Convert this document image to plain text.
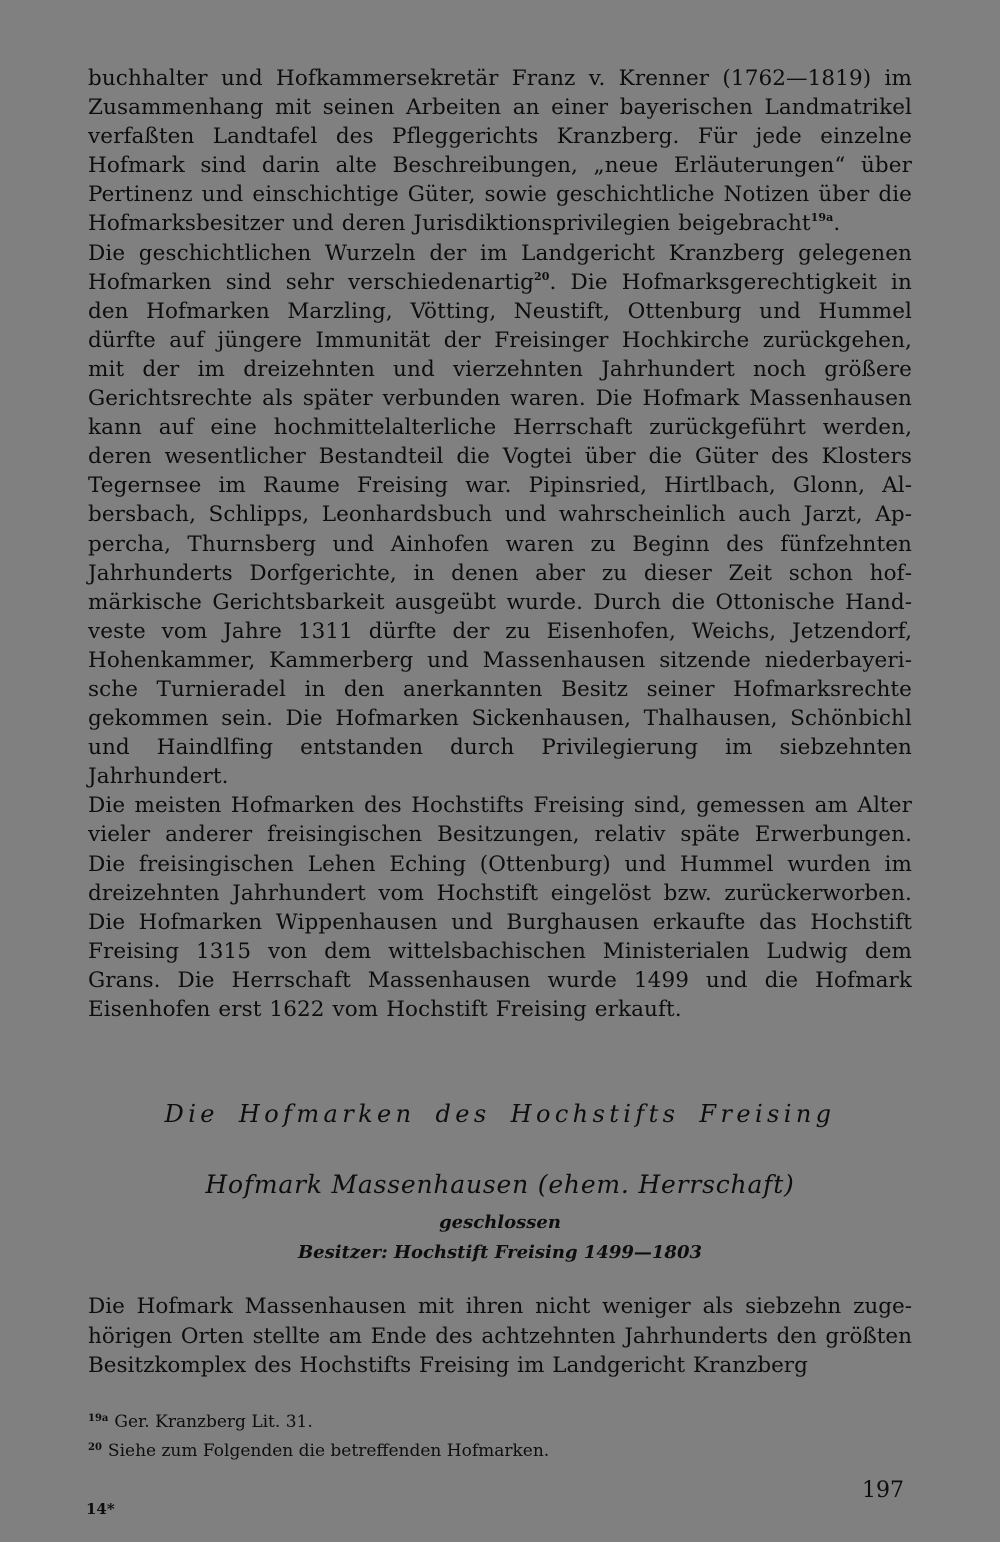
buchhalter und Hofkammersekretär Franz v. Krenner (1762—1819) im Zusammenhang mit seinen Arbeiten an einer bayerischen Landmatrikel verfaßten Landtafel des Pfleggerichts Kranzberg. Für jede einzelne Hofmark sind darin alte Beschreibungen, „neue Erläuterungen“ über Pertinenz und einschichtige Güter, sowie geschichtliche Notizen über die Hofmarksbesitzer und deren Jurisdiktionsprivilegien beigebracht$^{19a}$.

Die geschichtlichen Wurzeln der im Landgericht Kranzberg gelegenen Hofmarken sind sehr verschiedenartig$^{20}$. Die Hofmarksgerechtigkeit in den Hofmarken Marzling, Vötting, Neustift, Ottenburg und Hummel dürfte auf jüngere Immunität der Freisinger Hochkirche zurückgehen, mit der im dreizehnten und vierzehnten Jahrhundert noch größere Gerichtsrechte als später verbunden waren. Die Hofmark Massenhausen kann auf eine hochmittelalterliche Herrschaft zurückgeführt werden, deren wesentlicher Bestandteil die Vogtei über die Güter des Klosters Tegernsee im Raume Freising war. Pipinsried, Hirtlbach, Glonn, Albersbach, Schlipps, Leonhardsbuch und wahrscheinlich auch Jarzt, Appercha, Thurnsberg und Ainhofen waren zu Beginn des fünfzehnten Jahrhunderts Dorfgerichte, in denen aber zu dieser Zeit schon hofmärkische Gerichtsbarkeit ausgeübt wurde. Durch die Ottonische Handveste vom Jahre 1311 dürfte der zu Eisenhofen, Weichs, Jetzendorf, Hohenkammer, Kammerberg und Massenhausen sitzende niederbayerische Turnieradel in den anerkannten Besitz seiner Hofmarksrechte gekommen sein. Die Hofmarken Sickenhausen, Thalhausen, Schönbichl und Haindlfing entstanden durch Privilegierung im siebzehnten Jahrhundert.

Die meisten Hofmarken des Hochstifts Freising sind, gemessen am Alter vieler anderer freisingischen Besitzungen, relativ späte Erwerbungen. Die freisingischen Lehen Eching (Ottenburg) und Hummel wurden im dreizehnten Jahrhundert vom Hochstift eingelöst bzw. zurückerworben. Die Hofmarken Wippenhausen und Burghausen erkaufte das Hochstift Freising 1315 von dem wittelsbachischen Ministerialen Ludwig dem Grans. Die Herrschaft Massenhausen wurde 1499 und die Hofmark Eisenhofen erst 1622 vom Hochstift Freising erkauft.

Die Hofmarken des Hochstifts Freising
Hofmark Massenhausen (ehem. Herrschaft)
geschlossen
Besitzer: Hochstift Freising 1499—1803

Die Hofmark Massenhausen mit ihren nicht weniger als siebzehn zugehörigen Orten stellte am Ende des achtzehnten Jahrhunderts den größten Besitzkomplex des Hochstifts Freising im Landgericht Kranzberg

$^{19a}$ Ger. Kranzberg Lit. 31.
$^{20}$ Siehe zum Folgenden die betreffenden Hofmarken.
197
14*
